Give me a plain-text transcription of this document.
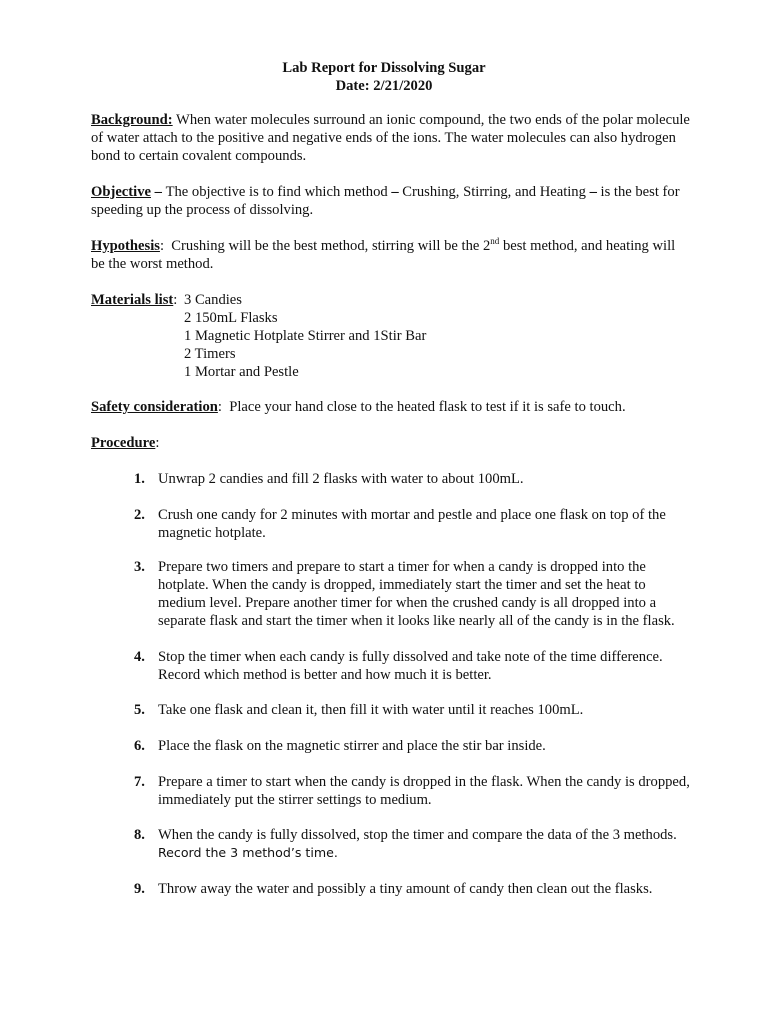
Lab Report for Dissolving Sugar
Date: 2/21/2020
Background: When water molecules surround an ionic compound, the two ends of the polar molecule
of water attach to the positive and negative ends of the ions. The water molecules can also hydrogen
bond to certain covalent compounds.
Objective – The objective is to find which method – Crushing, Stirring, and Heating – is the best for
speeding up the process of dissolving.
Hypothesis:  Crushing will be the best method, stirring will be the 2nd best method, and heating will
be the worst method.
Materials list: 3 Candies
2 150mL Flasks
1 Magnetic Hotplate Stirrer and 1Stir Bar
2 Timers
1 Mortar and Pestle
Safety consideration:  Place your hand close to the heated flask to test if it is safe to touch.
Procedure:
1. Unwrap 2 candies and fill 2 flasks with water to about 100mL.
2. Crush one candy for 2 minutes with mortar and pestle and place one flask on top of the
magnetic hotplate.
3. Prepare two timers and prepare to start a timer for when a candy is dropped into the
hotplate. When the candy is dropped, immediately start the timer and set the heat to
medium level. Prepare another timer for when the crushed candy is all dropped into a
separate flask and start the timer when it looks like nearly all of the candy is in the flask.
4. Stop the timer when each candy is fully dissolved and take note of the time difference.
Record which method is better and how much it is better.
5. Take one flask and clean it, then fill it with water until it reaches 100mL.
6. Place the flask on the magnetic stirrer and place the stir bar inside.
7. Prepare a timer to start when the candy is dropped in the flask. When the candy is dropped,
immediately put the stirrer settings to medium.
8. When the candy is fully dissolved, stop the timer and compare the data of the 3 methods.
Record the 3 method’s time.
9. Throw away the water and possibly a tiny amount of candy then clean out the flasks.
